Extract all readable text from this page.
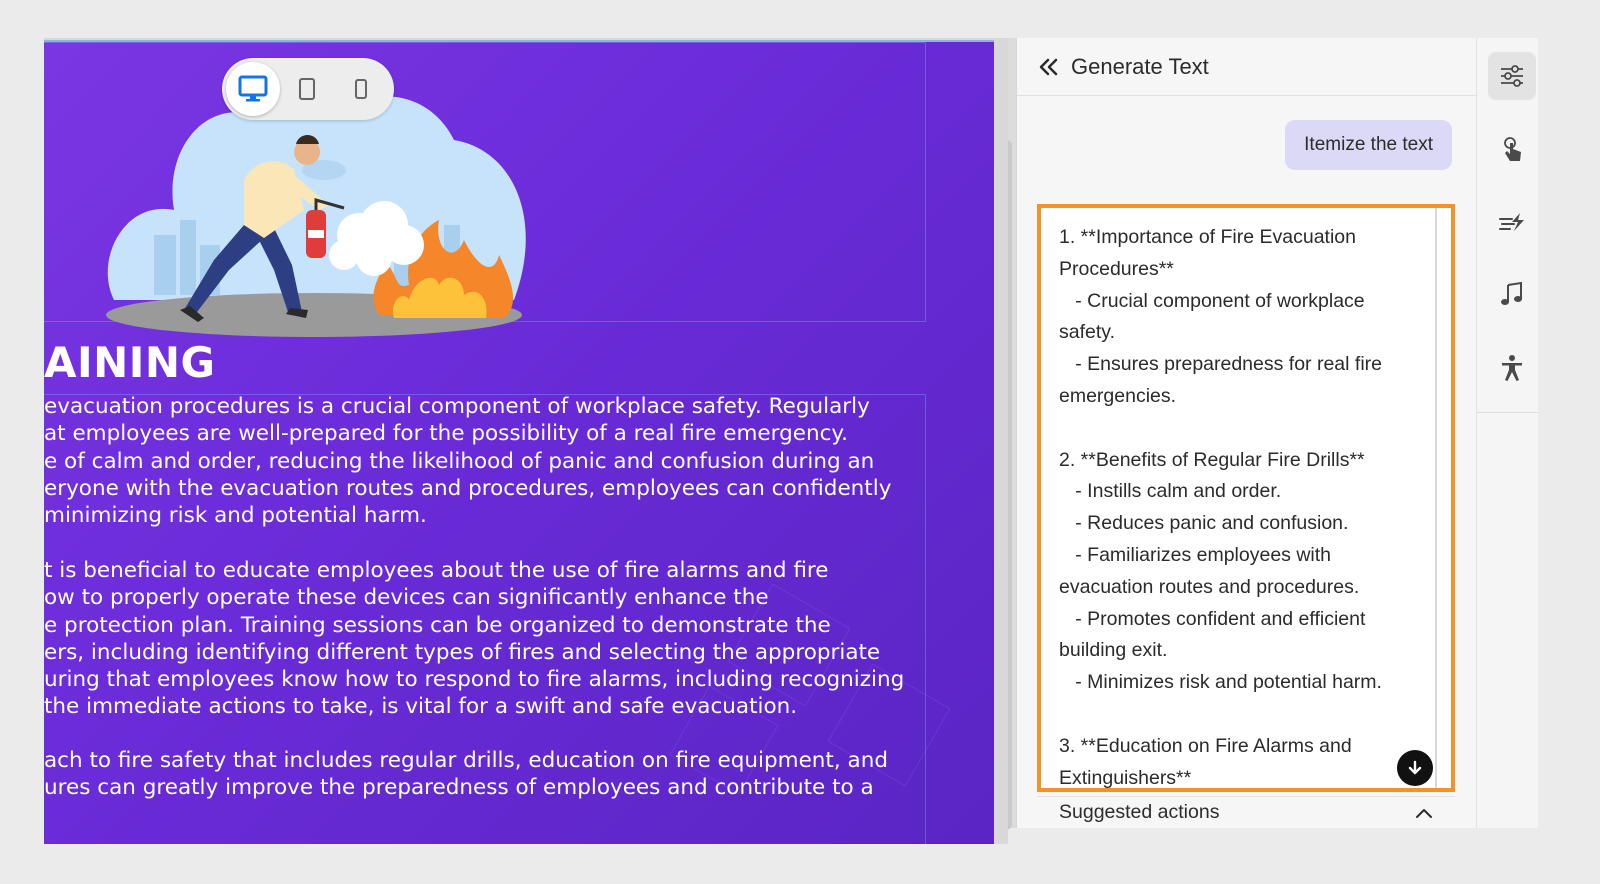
AINING
evacuation procedures is a crucial component of workplace safety. Regularly
at employees are well-prepared for the possibility of a real fire emergency.
e of calm and order, reducing the likelihood of panic and confusion during an
eryone with the evacuation routes and procedures, employees can confidently
minimizing risk and potential harm.
t is beneficial to educate employees about the use of fire alarms and fire
ow to properly operate these devices can significantly enhance the
e protection plan. Training sessions can be organized to demonstrate the
ers, including identifying different types of fires and selecting the appropriate
uring that employees know how to respond to fire alarms, including recognizing
the immediate actions to take, is vital for a swift and safe evacuation.
ach to fire safety that includes regular drills, education on fire equipment, and
ures can greatly improve the preparedness of employees and contribute to a
Generate Text
Itemize the text
1. **Importance of Fire Evacuation
Procedures**
- Crucial component of workplace
safety.
- Ensures preparedness for real fire
emergencies.

2. **Benefits of Regular Fire Drills**
- Instills calm and order.
- Reduces panic and confusion.
- Familiarizes employees with
evacuation routes and procedures.
- Promotes confident and efficient
building exit.
- Minimizes risk and potential harm.

3. **Education on Fire Alarms and
Extinguishers**
Suggested actions
